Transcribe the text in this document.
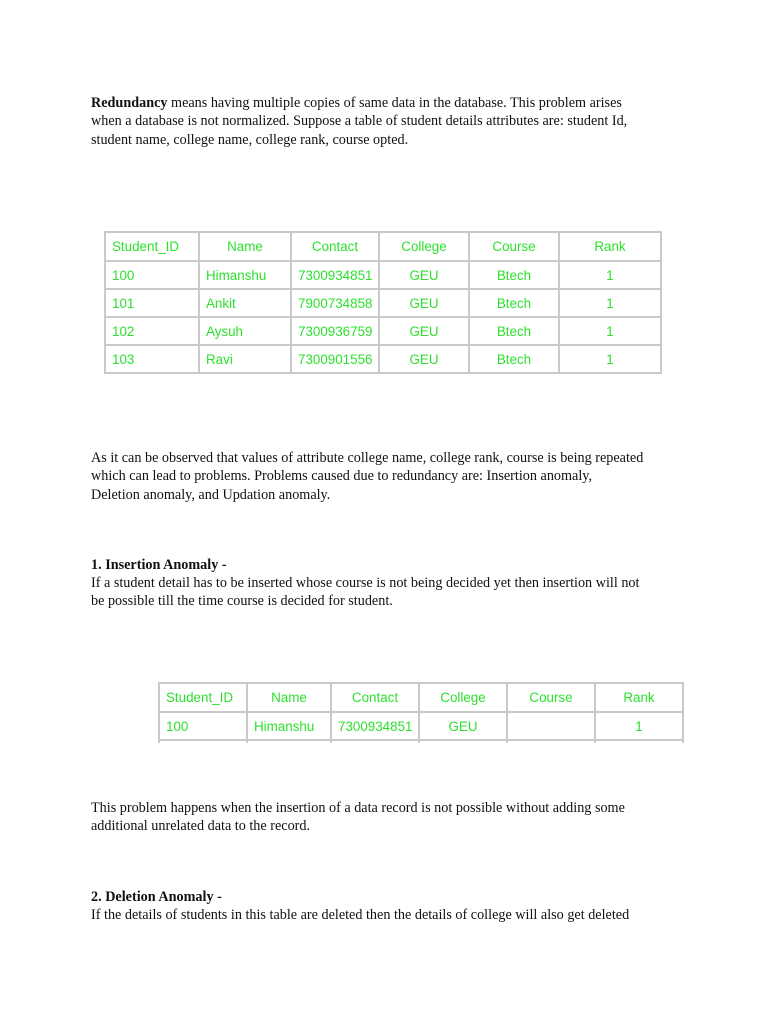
Redundancy means having multiple copies of same data in the database. This problem arises
when a database is not normalized. Suppose a table of student details attributes are: student Id,
student name, college name, college rank, course opted.

Student_ID	Name	Contact	College	Course	Rank
100	Himanshu	7300934851	GEU	Btech	1
101	Ankit	7900734858	GEU	Btech	1
102	Aysuh	7300936759	GEU	Btech	1
103	Ravi	7300901556	GEU	Btech	1

As it can be observed that values of attribute college name, college rank, course is being repeated
which can lead to problems. Problems caused due to redundancy are: Insertion anomaly,
Deletion anomaly, and Updation anomaly.

1. Insertion Anomaly -

If a student detail has to be inserted whose course is not being decided yet then insertion will not
be possible till the time course is decided for student.

Student_ID	Name	Contact	College	Course	Rank
100	Himanshu	7300934851	GEU		1

This problem happens when the insertion of a data record is not possible without adding some
additional unrelated data to the record.

2. Deletion Anomaly -

If the details of students in this table are deleted then the details of college will also get deleted
